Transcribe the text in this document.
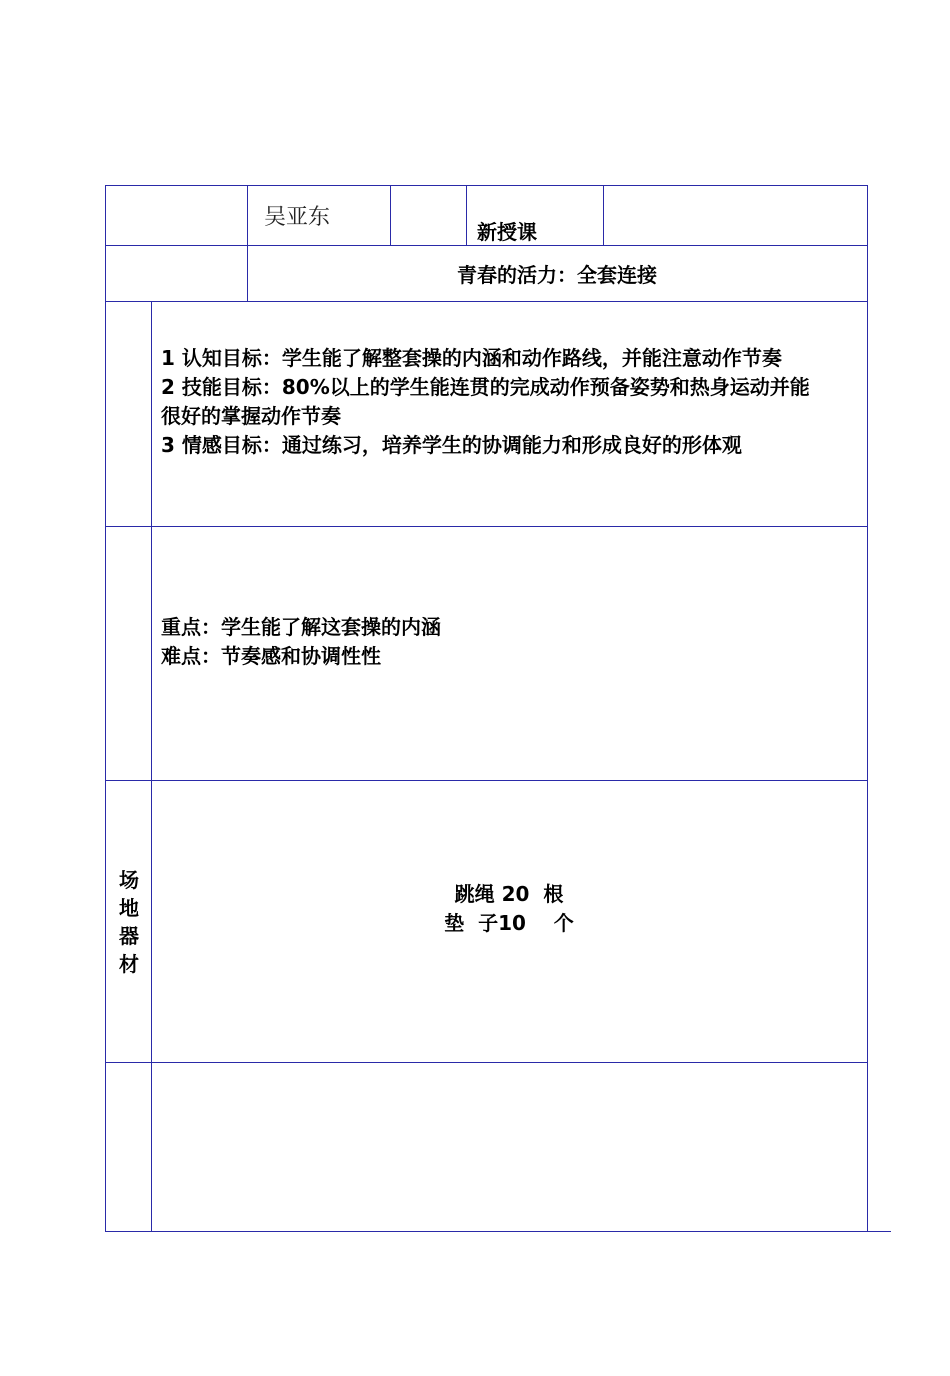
吴亚东
新授课
青春的活力：全套连接
1 认知目标：学生能了解整套操的内涵和动作路线，并能注意动作节奏
2 技能目标：80%以上的学生能连贯的完成动作预备姿势和热身运动并能
很好的掌握动作节奏
3 情感目标：通过练习，培养学生的协调能力和形成良好的形体观
重点：学生能了解这套操的内涵
难点：节奏感和协调性性
场
地
器
材
跳绳 20  根
垫  子10    个
